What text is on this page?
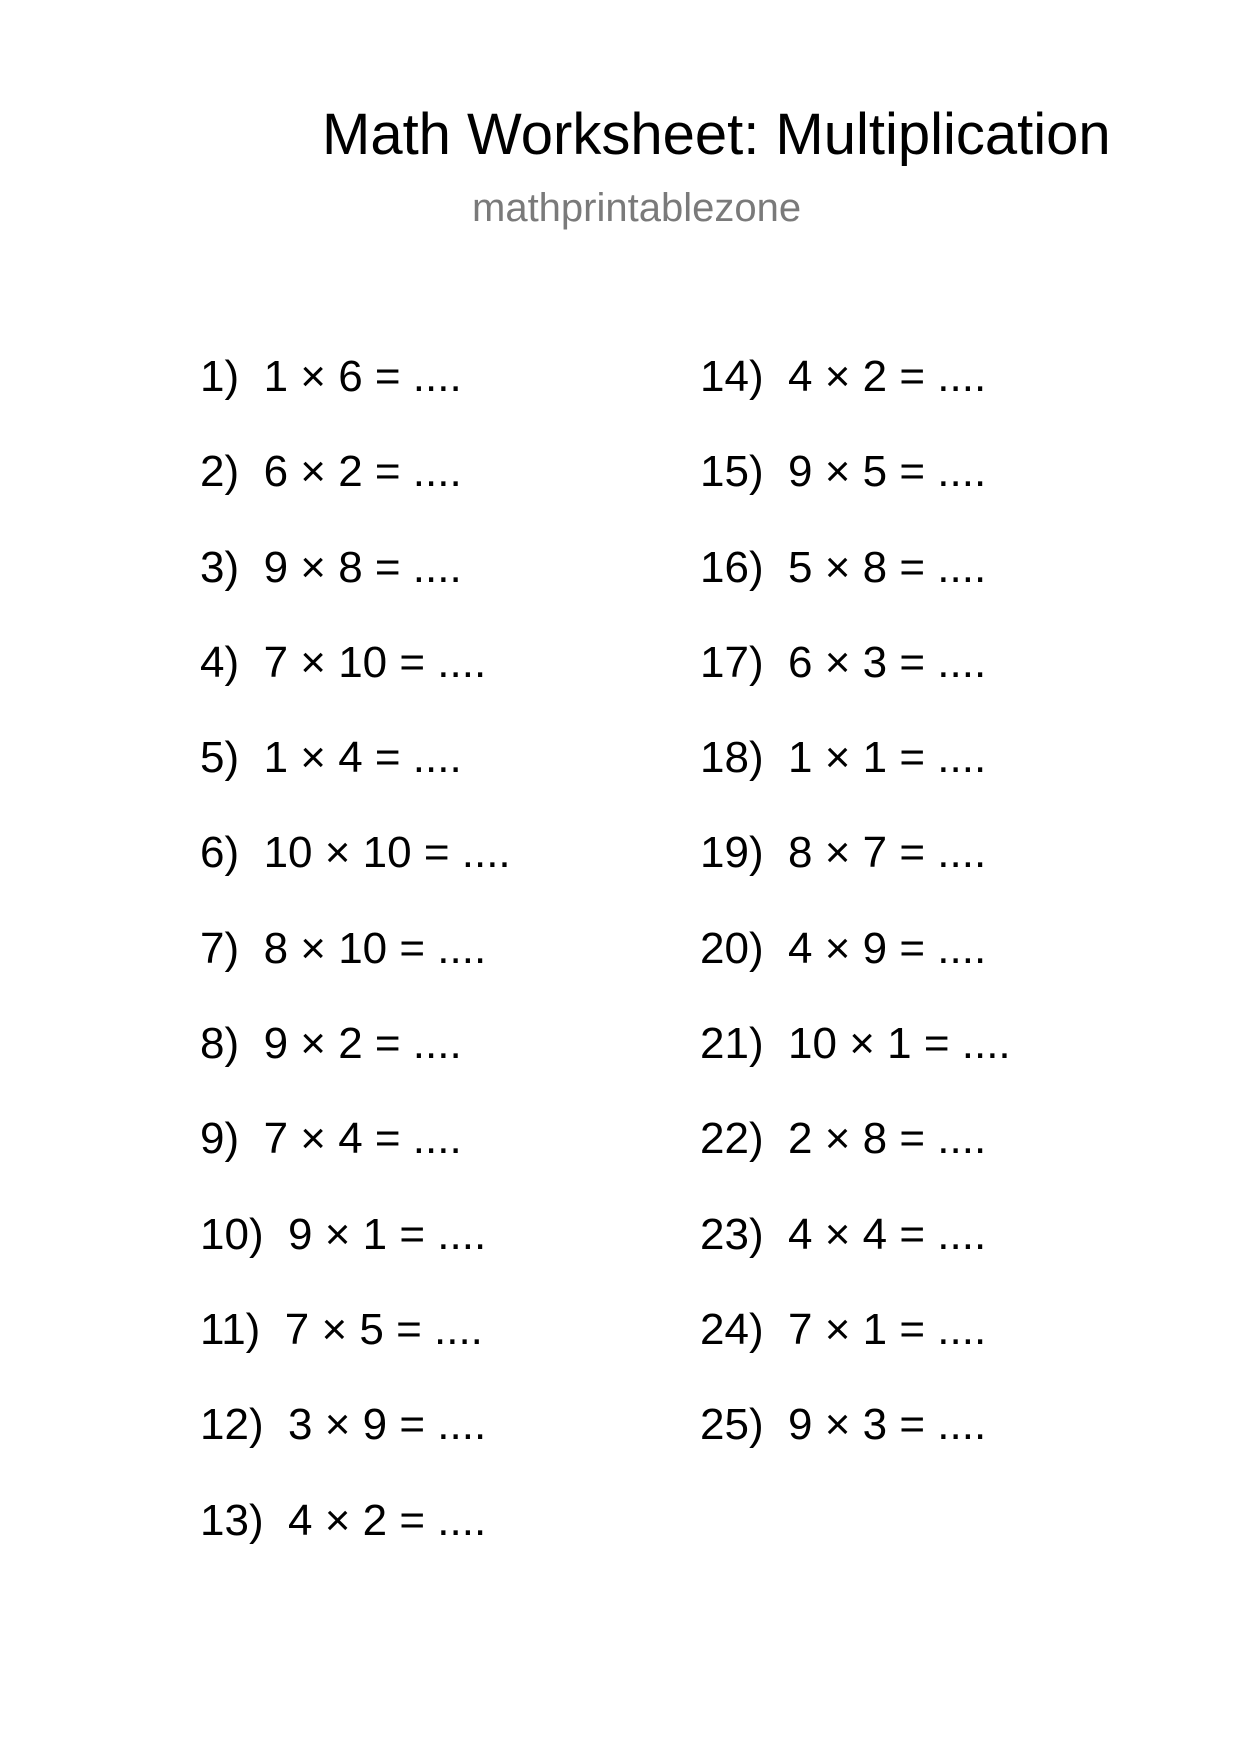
Math Worksheet: Multiplication
mathprintablezone
1)  1 × 6 = ....
2)  6 × 2 = ....
3)  9 × 8 = ....
4)  7 × 10 = ....
5)  1 × 4 = ....
6)  10 × 10 = ....
7)  8 × 10 = ....
8)  9 × 2 = ....
9)  7 × 4 = ....
10)  9 × 1 = ....
11)  7 × 5 = ....
12)  3 × 9 = ....
13)  4 × 2 = ....
14)  4 × 2 = ....
15)  9 × 5 = ....
16)  5 × 8 = ....
17)  6 × 3 = ....
18)  1 × 1 = ....
19)  8 × 7 = ....
20)  4 × 9 = ....
21)  10 × 1 = ....
22)  2 × 8 = ....
23)  4 × 4 = ....
24)  7 × 1 = ....
25)  9 × 3 = ....
